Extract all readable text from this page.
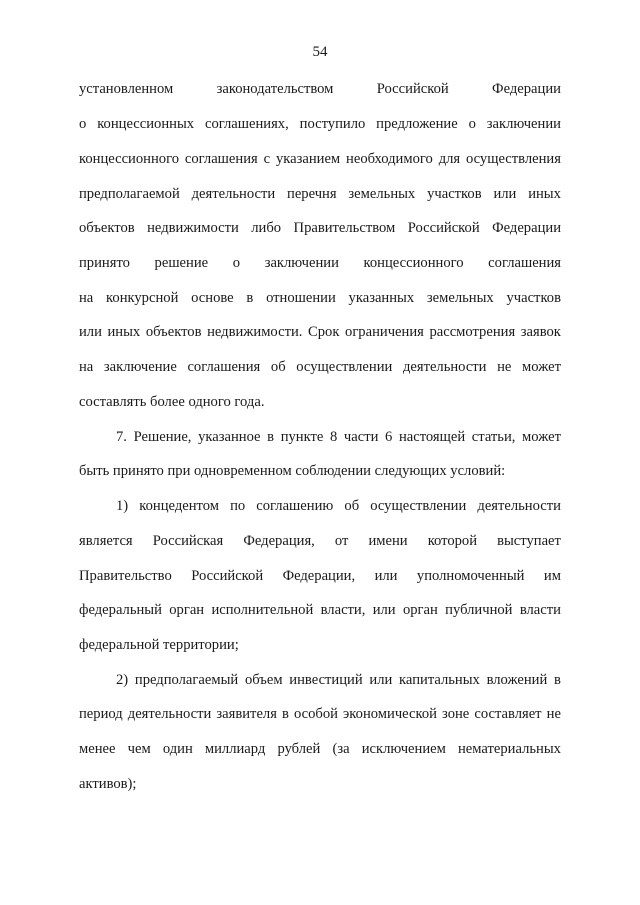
54
установленном	законодательством	Российской	Федерации
о концессионных соглашениях, поступило предложение о заключении
концессионного соглашения с указанием необходимого для осуществления
предполагаемой деятельности перечня земельных участков или иных
объектов недвижимости либо Правительством Российской Федерации
принято решение о заключении концессионного соглашения
на конкурсной основе в отношении указанных земельных участков
или иных объектов недвижимости. Срок ограничения рассмотрения заявок
на заключение соглашения об осуществлении деятельности не может
составлять более одного года.
7. Решение, указанное в пункте 8 части 6 настоящей статьи, может
быть принято при одновременном соблюдении следующих условий:
1) концедентом по соглашению об осуществлении деятельности
является Российская Федерация, от имени которой выступает
Правительство Российской Федерации, или уполномоченный им
федеральный орган исполнительной власти, или орган публичной власти
федеральной территории;
2) предполагаемый объем инвестиций или капитальных вложений в
период деятельности заявителя в особой экономической зоне составляет не
менее чем один миллиард рублей (за исключением нематериальных
активов);
